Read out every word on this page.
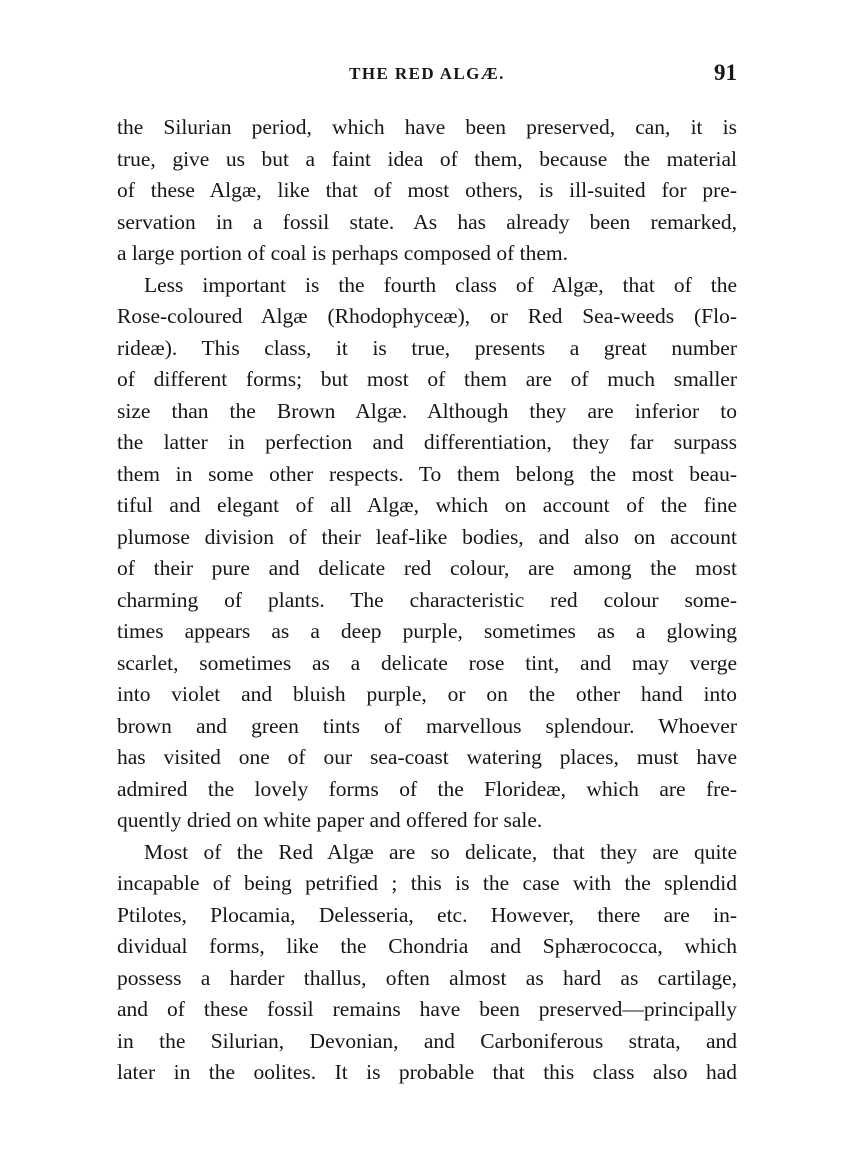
THE RED ALGÆ.	91
the Silurian period, which have been preserved, can, it is
true, give us but a faint idea of them, because the material
of these Algæ, like that of most others, is ill-suited for pre-
servation in a fossil state. As has already been remarked,
a large portion of coal is perhaps composed of them.
Less important is the fourth class of Algæ, that of the
Rose-coloured Algæ (Rhodophyceæ), or Red Sea-weeds (Flo-
rideæ). This class, it is true, presents a great number
of different forms; but most of them are of much smaller
size than the Brown Algæ. Although they are inferior to
the latter in perfection and differentiation, they far surpass
them in some other respects. To them belong the most beau-
tiful and elegant of all Algæ, which on account of the fine
plumose division of their leaf-like bodies, and also on account
of their pure and delicate red colour, are among the most
charming of plants. The characteristic red colour some-
times appears as a deep purple, sometimes as a glowing
scarlet, sometimes as a delicate rose tint, and may verge
into violet and bluish purple, or on the other hand into
brown and green tints of marvellous splendour. Whoever
has visited one of our sea-coast watering places, must have
admired the lovely forms of the Florideæ, which are fre-
quently dried on white paper and offered for sale.
Most of the Red Algæ are so delicate, that they are quite
incapable of being petrified ; this is the case with the splendid
Ptilotes, Plocamia, Delesseria, etc. However, there are in-
dividual forms, like the Chondria and Sphærococca, which
possess a harder thallus, often almost as hard as cartilage,
and of these fossil remains have been preserved—principally
in the Silurian, Devonian, and Carboniferous strata, and
later in the oolites. It is probable that this class also had
